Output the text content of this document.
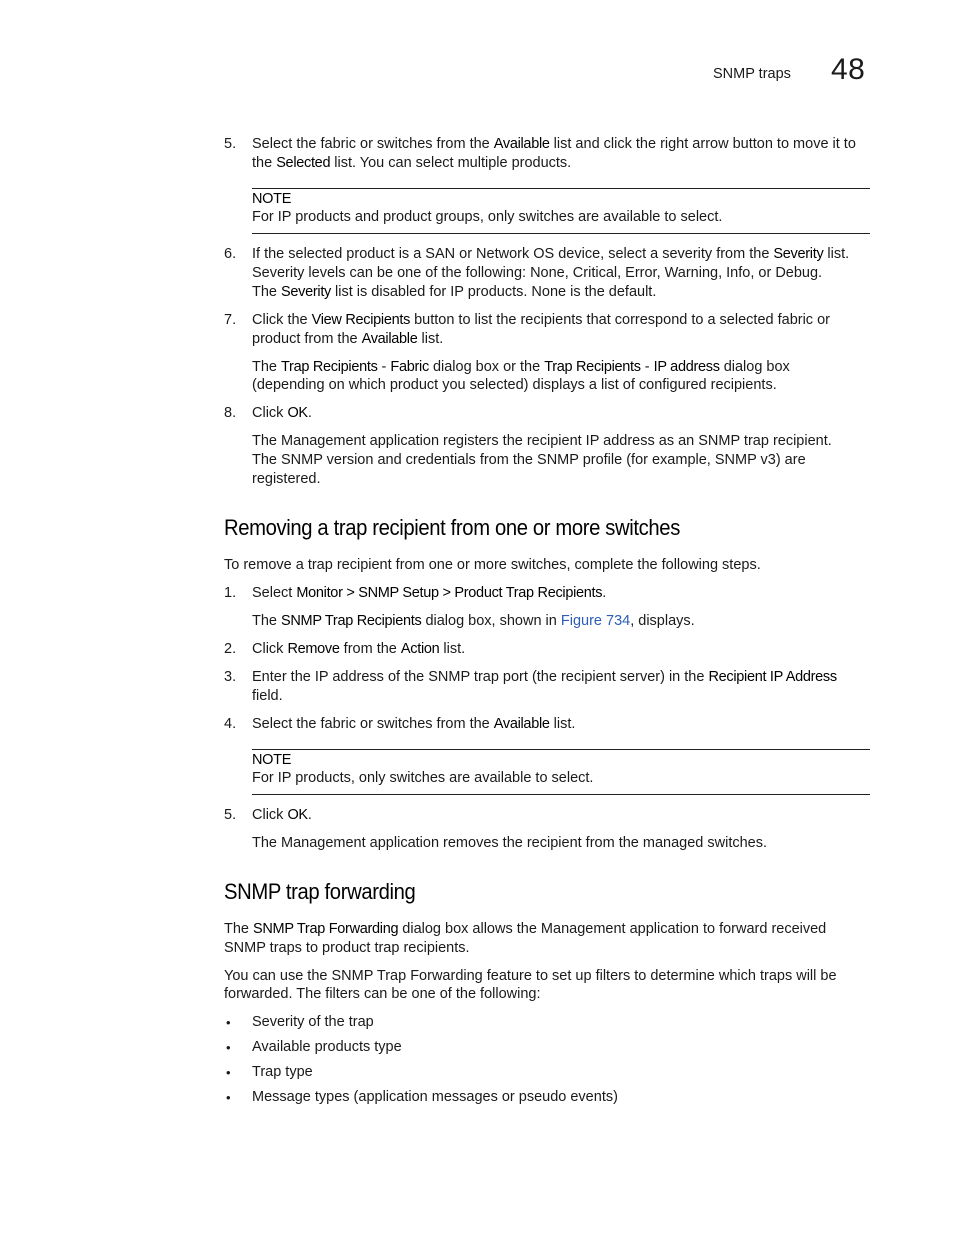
SNMP traps 48
5. Select the fabric or switches from the Available list and click the right arrow button to move it to
the Selected list. You can select multiple products.
NOTE
For IP products and product groups, only switches are available to select.
6. If the selected product is a SAN or Network OS device, select a severity from the Severity list.
Severity levels can be one of the following: None, Critical, Error, Warning, Info, or Debug.
The Severity list is disabled for IP products. None is the default.
7. Click the View Recipients button to list the recipients that correspond to a selected fabric or
product from the Available list.
The Trap Recipients - Fabric dialog box or the Trap Recipients - IP address dialog box
(depending on which product you selected) displays a list of configured recipients.
8. Click OK.
The Management application registers the recipient IP address as an SNMP trap recipient.
The SNMP version and credentials from the SNMP profile (for example, SNMP v3) are
registered.
Removing a trap recipient from one or more switches
To remove a trap recipient from one or more switches, complete the following steps.
1. Select Monitor > SNMP Setup > Product Trap Recipients.
The SNMP Trap Recipients dialog box, shown in Figure 734, displays.
2. Click Remove from the Action list.
3. Enter the IP address of the SNMP trap port (the recipient server) in the Recipient IP Address
field.
4. Select the fabric or switches from the Available list.
NOTE
For IP products, only switches are available to select.
5. Click OK.
The Management application removes the recipient from the managed switches.
SNMP trap forwarding
The SNMP Trap Forwarding dialog box allows the Management application to forward received
SNMP traps to product trap recipients.
You can use the SNMP Trap Forwarding feature to set up filters to determine which traps will be
forwarded. The filters can be one of the following:
• Severity of the trap
• Available products type
• Trap type
• Message types (application messages or pseudo events)
